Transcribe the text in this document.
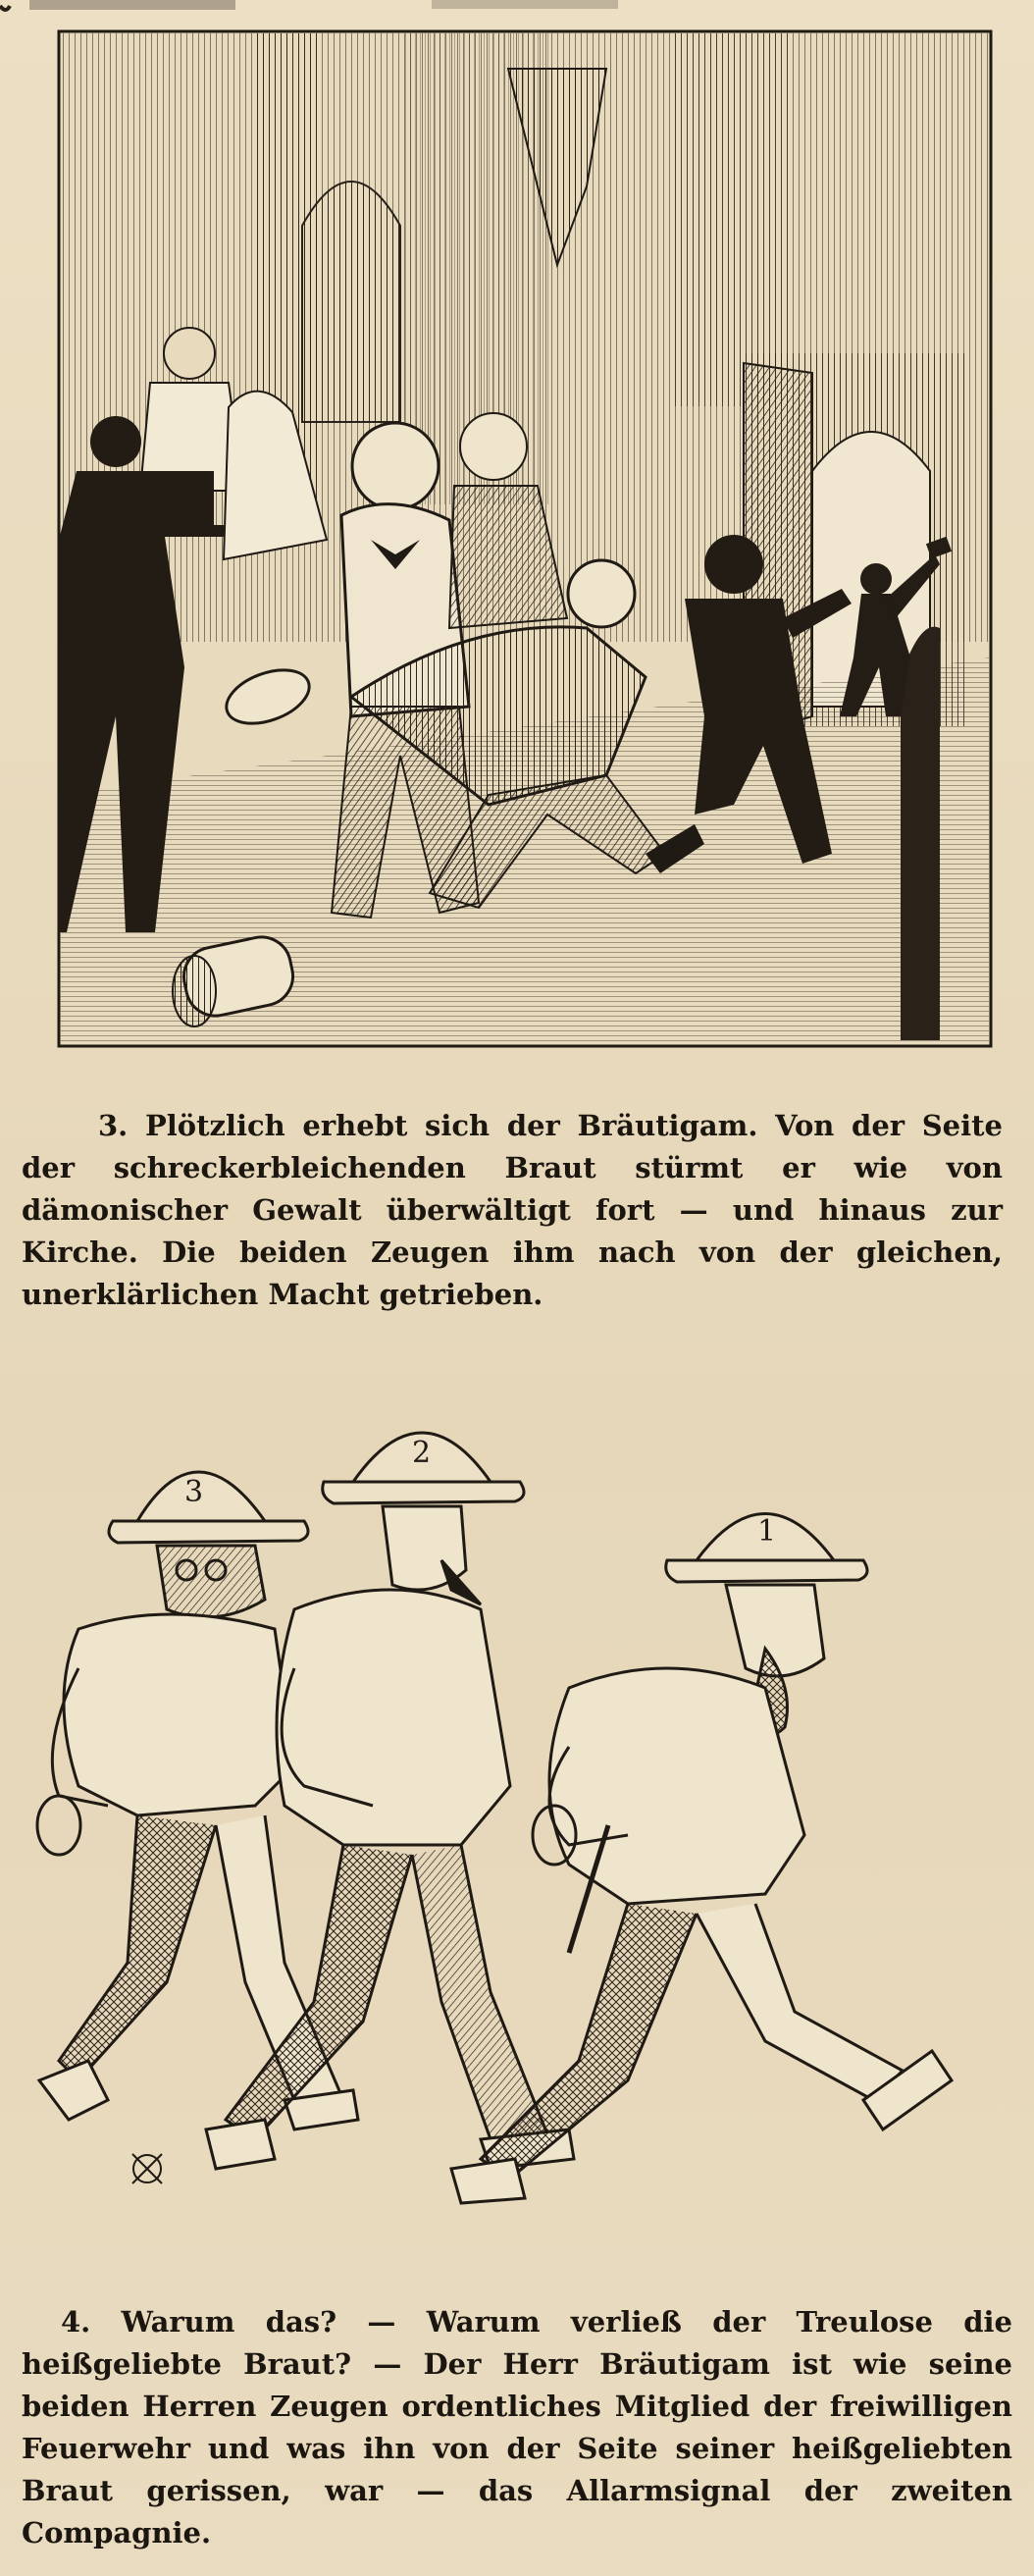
3. Plötzlich erhebt sich der Bräutigam. Von der Seite der schreckerbleichenden Braut stürmt er wie von dämonischer Gewalt überwältigt fort — und hinaus zur Kirche. Die beiden Zeugen ihm nach von der gleichen, unerklärlichen Macht getrieben.

2
1
3

4. Warum das? — Warum verließ der Treulose die heißgeliebte Braut? — Der Herr Bräutigam ist wie seine beiden Herren Zeugen ordentliches Mitglied der freiwilligen Feuerwehr und was ihn von der Seite seiner heißgeliebten Braut gerissen, war — das Allarmsignal der zweiten Compagnie.
